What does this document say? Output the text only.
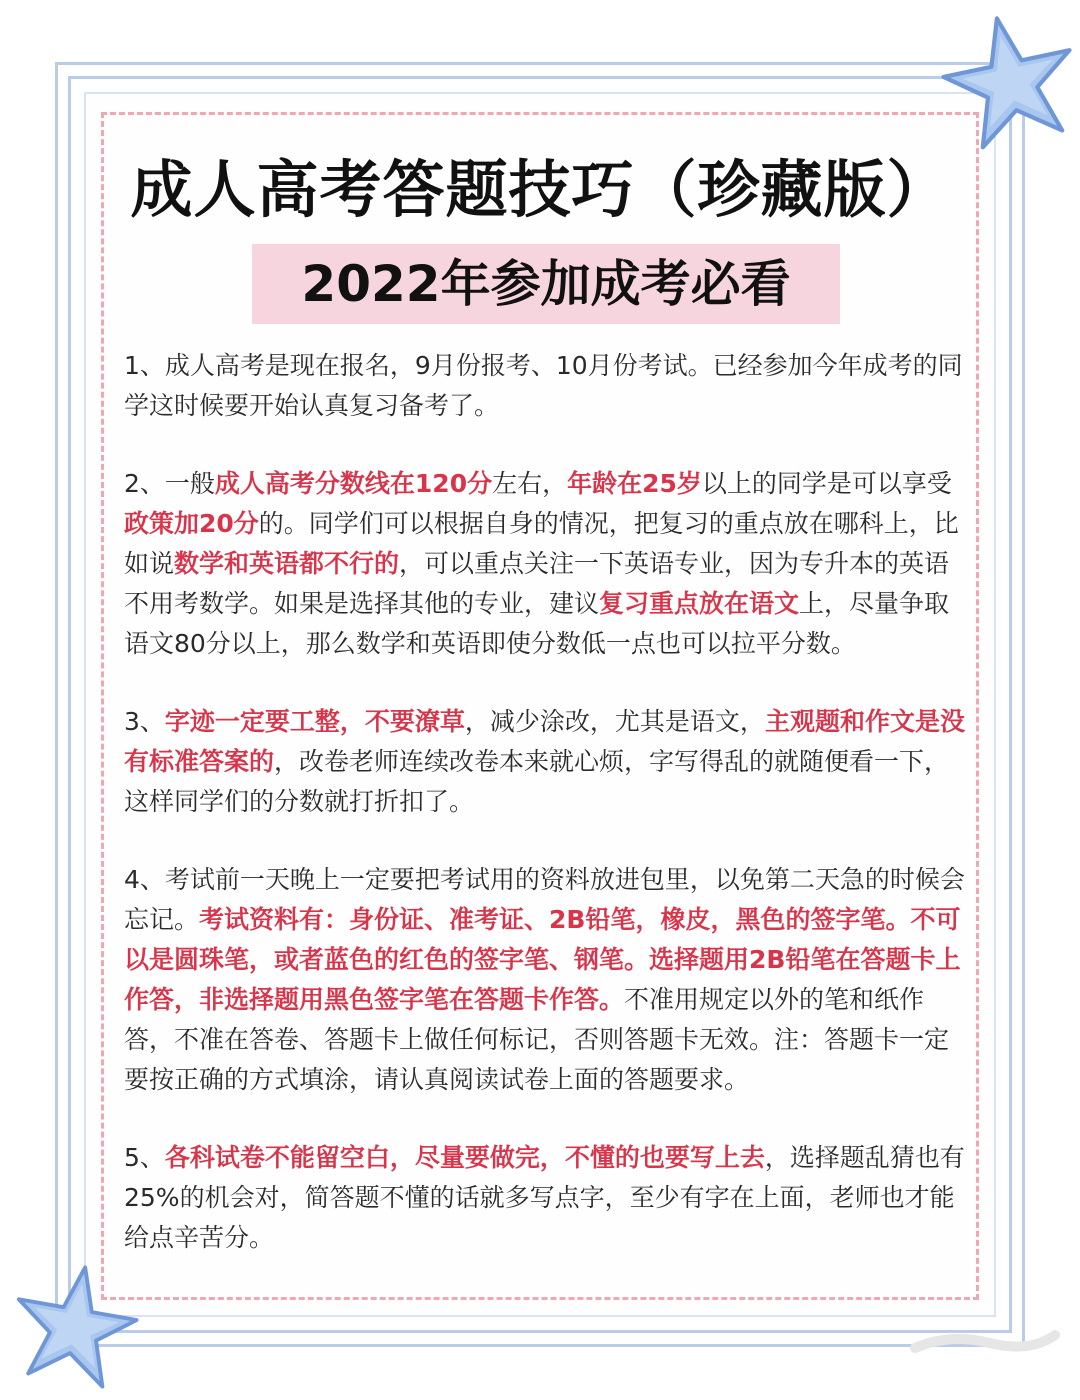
成人高考答题技巧（珍藏版）
2022年参加成考必看

1、成人高考是现在报名，9月份报考、10月份考试。已经参加今年成考的同学这时候要开始认真复习备考了。

2、一般成人高考分数线在120分左右，年龄在25岁以上的同学是可以享受政策加20分的。同学们可以根据自身的情况，把复习的重点放在哪科上，比如说数学和英语都不行的，可以重点关注一下英语专业，因为专升本的英语不用考数学。如果是选择其他的专业，建议复习重点放在语文上，尽量争取语文80分以上，那么数学和英语即使分数低一点也可以拉平分数。

3、字迹一定要工整，不要潦草，减少涂改，尤其是语文，主观题和作文是没有标准答案的，改卷老师连续改卷本来就心烦，字写得乱的就随便看一下，这样同学们的分数就打折扣了。

4、考试前一天晚上一定要把考试用的资料放进包里，以免第二天急的时候会忘记。考试资料有：身份证、准考证、2B铅笔，橡皮，黑色的签字笔。不可以是圆珠笔，或者蓝色的红色的签字笔、钢笔。选择题用2B铅笔在答题卡上作答，非选择题用黑色签字笔在答题卡作答。不准用规定以外的笔和纸作答，不准在答卷、答题卡上做任何标记，否则答题卡无效。注：答题卡一定要按正确的方式填涂，请认真阅读试卷上面的答题要求。

5、各科试卷不能留空白，尽量要做完，不懂的也要写上去，选择题乱猜也有25%的机会对，简答题不懂的话就多写点字，至少有字在上面，老师也才能给点辛苦分。
